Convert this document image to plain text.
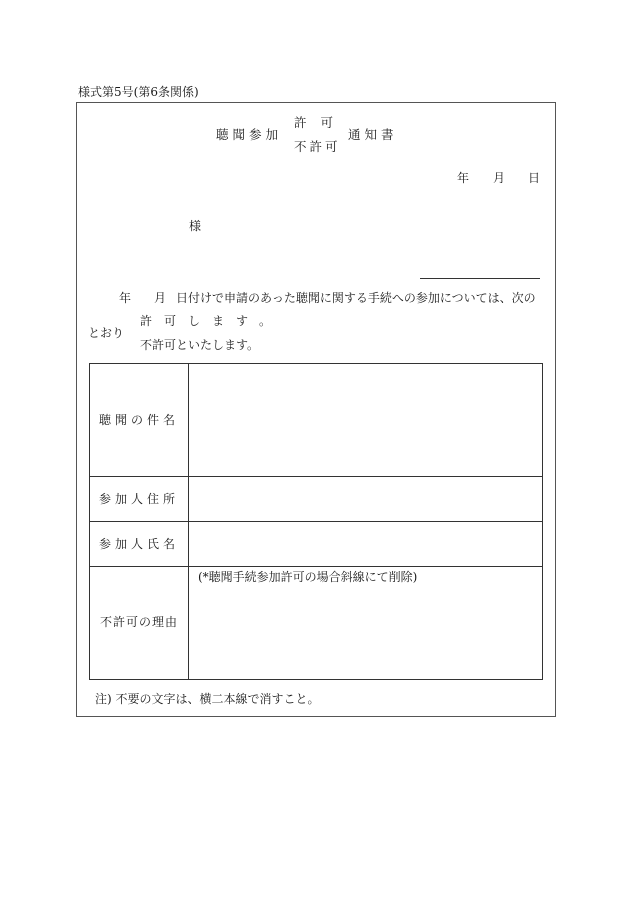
様式第5号(第6条関係)
聴聞参加
許可
不許可
通知書
年 月 日
様
年 月 日付けで申請のあった聴聞に関する手続への参加については、次の
許可します。
とおり
不許可といたします。
聴聞の件名
参加人住所
参加人氏名
不許可の理由
(*聴聞手続参加許可の場合斜線にて削除)
注) 不要の文字は、横二本線で消すこと。
